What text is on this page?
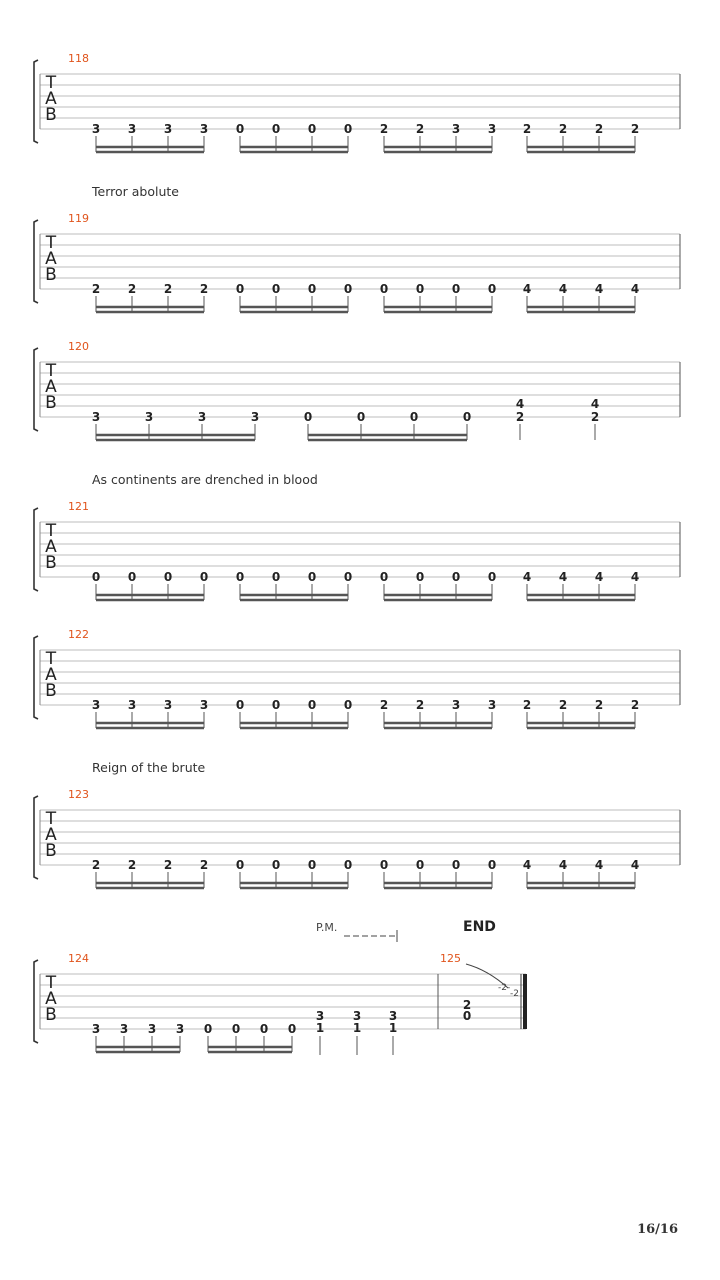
T
A
B
118
3 3 3 3 0 0 0 0 2 2 3 3 2 2 2 2
T
A
B
119
2 2 2 2 0 0 0 0 0 0 0 0 4 4 4 4
T
A
B
120
3	3	3	3	0	0	0	0
4
2
4
2
T
A
B
121
0 0 0 0 0 0 0 0 0 0 0 0 4 4 4 4
T
A
B
122
3 3 3 3 0 0 0 0 2 2 3 3 2 2 2 2
T
A
B
123
2 2 2 2 0 0 0 0 0 0 0 0 4 4 4 4
T
A
B
124	125
P.M.	END
3 3 3 3 0 0 0 0
3
1
3
1
3
1
2
0
-2-
-2
Terror abolute
As continents are drenched in blood
Reign of the brute
16/16
